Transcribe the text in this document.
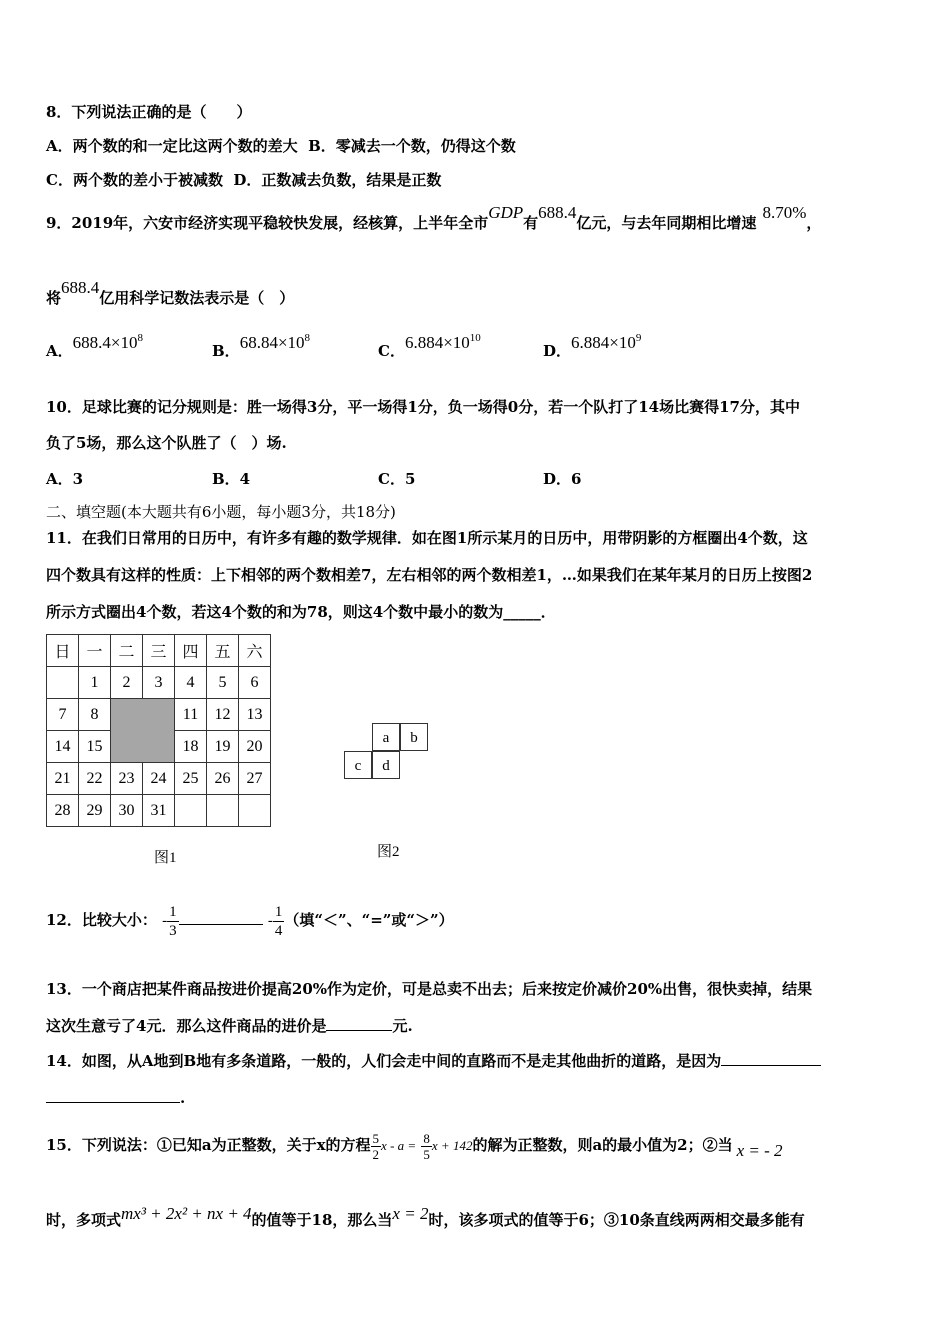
8．下列说法正确的是（　　）
A．两个数的和一定比这两个数的差大 B．零减去一个数，仍得这个数
C．两个数的差小于被减数 D．正数减去负数，结果是正数
9．2019年，六安市经济实现平稳较快发展，经核算，上半年全市GDP有688.4亿元，与去年同期相比增速8.70%，
将688.4亿用科学记数法表示是（　）
A．$688.4\times 10^8$
B．$68.84\times 10^8$
C．$6.884\times 10^{10}$
D．$6.884\times 10^9$
10．足球比赛的记分规则是：胜一场得3分，平一场得1分，负一场得0分，若一个队打了14场比赛得17分，其中
负了5场，那么这个队胜了（　）场.
A．3	B．4	C．5	D．6
二、填空题(本大题共有6小题，每小题3分，共18分)
11．在我们日常用的日历中，有许多有趣的数学规律．如在图1所示某月的日历中，用带阴影的方框圈出4个数，这
四个数具有这样的性质：上下相邻的两个数相差7，左右相邻的两个数相差1，…如果我们在某年某月的日历上按图2
所示方式圈出4个数，若这4个数的和为78，则这4个数中最小的数为_____．
日	一	二	三	四	五	六
	1	2	3	4	5	6
7	8			11	12	13
14	15			18	19	20
21	22	23	24	25	26	27
28	29	30	31			
图1
a	b
c	d
图2
12．比较大小： - $\frac{1}{3}$	- $\frac{1}{4}$ （填“＜”、“=”或“＞”）
13．一个商店把某件商品按进价提高20%作为定价，可是总卖不出去；后来按定价减价20%出售，很快卖掉，结果
这次生意亏了4元．那么这件商品的进价是	元.
14．如图，从A地到B地有多条道路，一般的，人们会走中间的直路而不是走其他曲折的道路，是因为
.
15．下列说法：①已知a为正整数，关于x的方程 $\frac{5}{2}$ $x - a = \frac{8}{5}$ x + 142的解为正整数，则a的最小值为2；②当 x = - 2
时，多项式mx³ + 2x² + nx + 4的值等于18，那么当x = 2时，该多项式的值等于6；③10条直线两两相交最多能有
